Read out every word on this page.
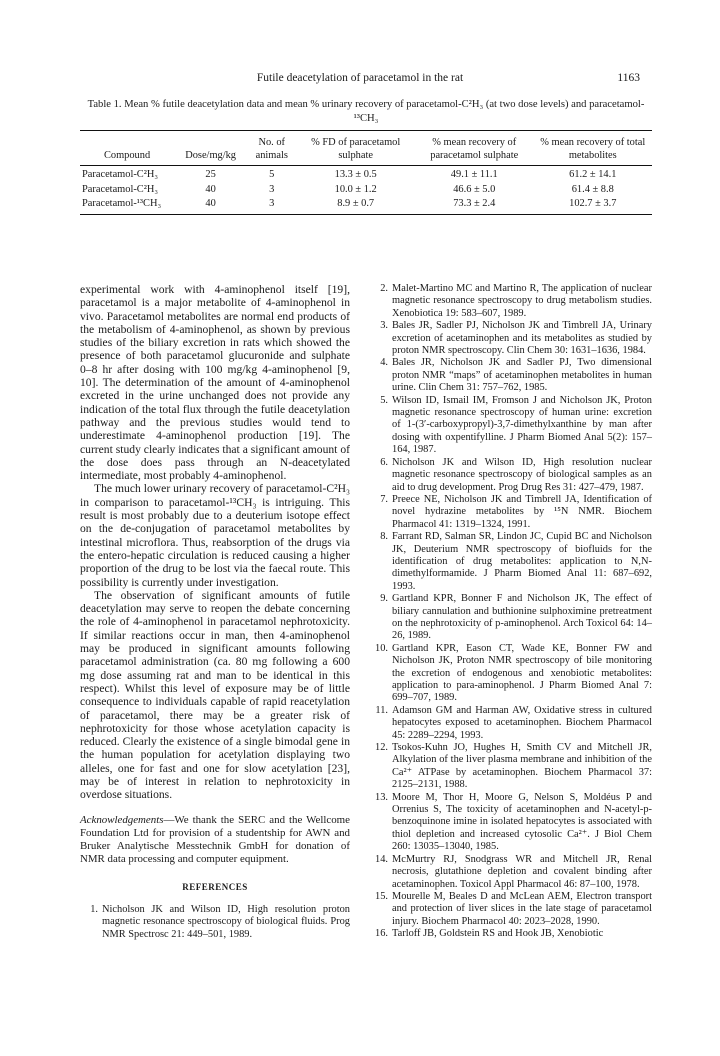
Futile deacetylation of paracetamol in the rat	1163
Table 1. Mean % futile deacetylation data and mean % urinary recovery of paracetamol-C²H₃ (at two dose levels) and paracetamol-¹³CH₃
Compound	Dose/mg/kg	No. of animals	% FD of paracetamol sulphate	% mean recovery of paracetamol sulphate	% mean recovery of total metabolites
Paracetamol-C²H₃	25	5	13.3 ± 0.5	49.1 ± 11.1	61.2 ± 14.1
Paracetamol-C²H₃	40	3	10.0 ± 1.2	46.6 ± 5.0	61.4 ± 8.8
Paracetamol-¹³CH₃	40	3	8.9 ± 0.7	73.3 ± 2.4	102.7 ± 3.7

experimental work with 4-aminophenol itself [19], paracetamol is a major metabolite of 4-aminophenol in vivo. Paracetamol metabolites are normal end products of the metabolism of 4-aminophenol, as shown by previous studies of the biliary excretion in rats which showed the presence of both paracetamol glucuronide and sulphate 0–8 hr after dosing with 100 mg/kg 4-aminophenol [9, 10]. The determination of the amount of 4-aminophenol excreted in the urine unchanged does not provide any indication of the total flux through the futile deacetylation pathway and the previous studies would tend to underestimate 4-aminophenol production [19]. The current study clearly indicates that a significant amount of the dose does pass through an N-deacetylated intermediate, most probably 4-aminophenol.

The much lower urinary recovery of paracetamol-C²H₃ in comparison to paracetamol-¹³CH₃ is intriguing. This result is most probably due to a deuterium isotope effect on the de-conjugation of paracetamol metabolites by intestinal microflora. Thus, reabsorption of the drugs via the entero-hepatic circulation is reduced causing a higher proportion of the drug to be lost via the faecal route. This possibility is currently under investigation.

The observation of significant amounts of futile deacetylation may serve to reopen the debate concerning the role of 4-aminophenol in paracetamol nephrotoxicity. If similar reactions occur in man, then 4-aminophenol may be produced in significant amounts following paracetamol administration (ca. 80 mg following a 600 mg dose assuming rat and man to be identical in this respect). Whilst this level of exposure may be of little consequence to individuals capable of rapid reacetylation of paracetamol, there may be a greater risk of nephrotoxicity for those whose acetylation capacity is reduced. Clearly the existence of a single bimodal gene in the human population for acetylation displaying two alleles, one for fast and one for slow acetylation [23], may be of interest in relation to nephrotoxicity in overdose situations.

Acknowledgements—We thank the SERC and the Wellcome Foundation Ltd for provision of a studentship for AWN and Bruker Analytische Messtechnik GmbH for donation of NMR data processing and computer equipment.

REFERENCES
1. Nicholson JK and Wilson ID, High resolution proton magnetic resonance spectroscopy of biological fluids. Prog NMR Spectrosc 21: 449–501, 1989.
2. Malet-Martino MC and Martino R, The application of nuclear magnetic resonance spectroscopy to drug metabolism studies. Xenobiotica 19: 583–607, 1989.
3. Bales JR, Sadler PJ, Nicholson JK and Timbrell JA, Urinary excretion of acetaminophen and its metabolites as studied by proton NMR spectroscopy. Clin Chem 30: 1631–1636, 1984.
4. Bales JR, Nicholson JK and Sadler PJ, Two dimensional proton NMR “maps” of acetaminophen metabolites in human urine. Clin Chem 31: 757–762, 1985.
5. Wilson ID, Ismail IM, Fromson J and Nicholson JK, Proton magnetic resonance spectroscopy of human urine: excretion of 1-(3′-carboxypropyl)-3,7-dimethylxanthine by man after dosing with oxpentifylline. J Pharm Biomed Anal 5(2): 157–164, 1987.
6. Nicholson JK and Wilson ID, High resolution nuclear magnetic resonance spectroscopy of biological samples as an aid to drug development. Prog Drug Res 31: 427–479, 1987.
7. Preece NE, Nicholson JK and Timbrell JA, Identification of novel hydrazine metabolites by ¹⁵N NMR. Biochem Pharmacol 41: 1319–1324, 1991.
8. Farrant RD, Salman SR, Lindon JC, Cupid BC and Nicholson JK, Deuterium NMR spectroscopy of biofluids for the identification of drug metabolites: application to N,N-dimethylformamide. J Pharm Biomed Anal 11: 687–692, 1993.
9. Gartland KPR, Bonner F and Nicholson JK, The effect of biliary cannulation and buthionine sulphoximine pretreatment on the nephrotoxicity of p-aminophenol. Arch Toxicol 64: 14–26, 1989.
10. Gartland KPR, Eason CT, Wade KE, Bonner FW and Nicholson JK, Proton NMR spectroscopy of bile monitoring the excretion of endogenous and xenobiotic metabolites: application to para-aminophenol. J Pharm Biomed Anal 7: 699–707, 1989.
11. Adamson GM and Harman AW, Oxidative stress in cultured hepatocytes exposed to acetaminophen. Biochem Pharmacol 45: 2289–2294, 1993.
12. Tsokos-Kuhn JO, Hughes H, Smith CV and Mitchell JR, Alkylation of the liver plasma membrane and inhibition of the Ca²⁺ ATPase by acetaminophen. Biochem Pharmacol 37: 2125–2131, 1988.
13. Moore M, Thor H, Moore G, Nelson S, Moldéus P and Orrenius S, The toxicity of acetaminophen and N-acetyl-p-benzoquinone imine in isolated hepatocytes is associated with thiol depletion and increased cytosolic Ca²⁺. J Biol Chem 260: 13035–13040, 1985.
14. McMurtry RJ, Snodgrass WR and Mitchell JR, Renal necrosis, glutathione depletion and covalent binding after acetaminophen. Toxicol Appl Pharmacol 46: 87–100, 1978.
15. Mourelle M, Beales D and McLean AEM, Electron transport and protection of liver slices in the late stage of paracetamol injury. Biochem Pharmacol 40: 2023–2028, 1990.
16. Tarloff JB, Goldstein RS and Hook JB, Xenobiotic
